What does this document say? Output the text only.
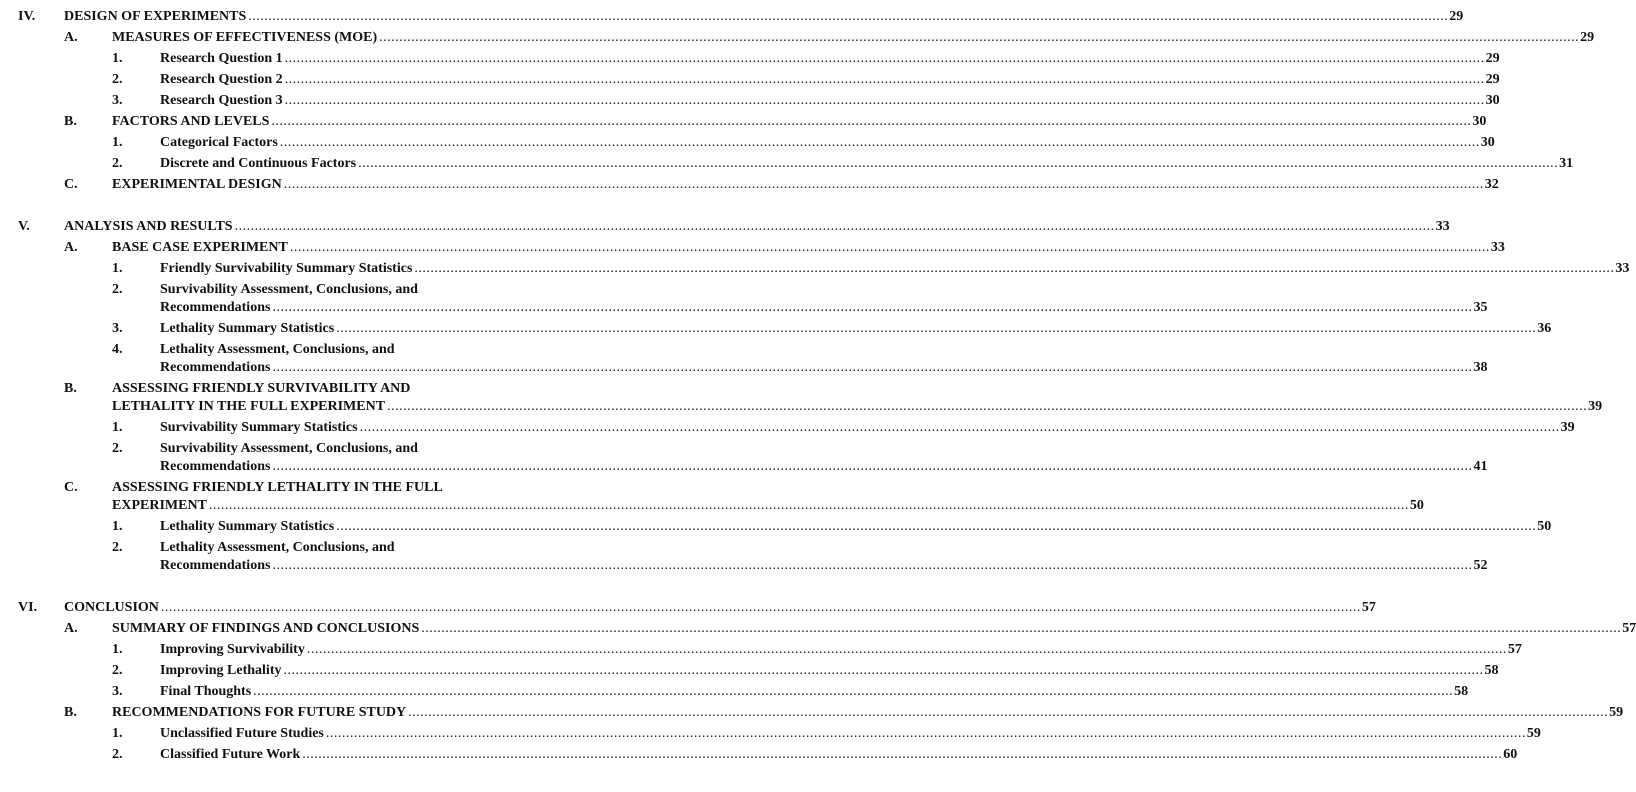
IV. DESIGN OF EXPERIMENTS ............................................................................................................................................................................................................................................................................................................ 29
A. MEASURES OF EFFECTIVENESS (MOE) ............................................................................................................................................................................................................................................................................................................ 29
1.	Research Question 1 ............................................................................................................................................................................................................................................................................................................ 29
2.	Research Question 2 ............................................................................................................................................................................................................................................................................................................ 29
3.	Research Question 3 ............................................................................................................................................................................................................................................................................................................ 30
B.	FACTORS AND LEVELS ............................................................................................................................................................................................................................................................................................................ 30
1.	Categorical Factors ............................................................................................................................................................................................................................................................................................................ 30
2.	Discrete and Continuous Factors ............................................................................................................................................................................................................................................................................................................ 31
C. EXPERIMENTAL DESIGN ............................................................................................................................................................................................................................................................................................................ 32
V. ANALYSIS AND RESULTS ............................................................................................................................................................................................................................................................................................................ 33
A. BASE CASE EXPERIMENT ............................................................................................................................................................................................................................................................................................................ 33
1.	Friendly Survivability Summary Statistics ............................................................................................................................................................................................................................................................................................................ 33
2.	Survivability Assessment, Conclusions, and
Recommendations ............................................................................................................................................................................................................................................................................................................ 35
3.	Lethality Summary Statistics ............................................................................................................................................................................................................................................................................................................ 36
4.	Lethality Assessment, Conclusions, and
Recommendations ............................................................................................................................................................................................................................................................................................................ 38
B.	ASSESSING FRIENDLY SURVIVABILITY AND
LETHALITY IN THE FULL EXPERIMENT ............................................................................................................................................................................................................................................................................................................ 39
1.	Survivability Summary Statistics ............................................................................................................................................................................................................................................................................................................ 39
2.	Survivability Assessment, Conclusions, and
Recommendations ............................................................................................................................................................................................................................................................................................................ 41
C. ASSESSING FRIENDLY LETHALITY IN THE FULL
EXPERIMENT ............................................................................................................................................................................................................................................................................................................ 50
1.	Lethality Summary Statistics ............................................................................................................................................................................................................................................................................................................ 50
2.	Lethality Assessment, Conclusions, and
Recommendations ............................................................................................................................................................................................................................................................................................................ 52
VI. CONCLUSION ............................................................................................................................................................................................................................................................................................................ 57
A. SUMMARY OF FINDINGS AND CONCLUSIONS ............................................................................................................................................................................................................................................................................................................ 57
1.	Improving Survivability ............................................................................................................................................................................................................................................................................................................ 57
2.	Improving Lethality ............................................................................................................................................................................................................................................................................................................ 58
3.	Final Thoughts ............................................................................................................................................................................................................................................................................................................ 58
B.	RECOMMENDATIONS FOR FUTURE STUDY ............................................................................................................................................................................................................................................................................................................ 59
1.	Unclassified Future Studies ............................................................................................................................................................................................................................................................................................................ 59
2.	Classified Future Work ............................................................................................................................................................................................................................................................................................................ 60
